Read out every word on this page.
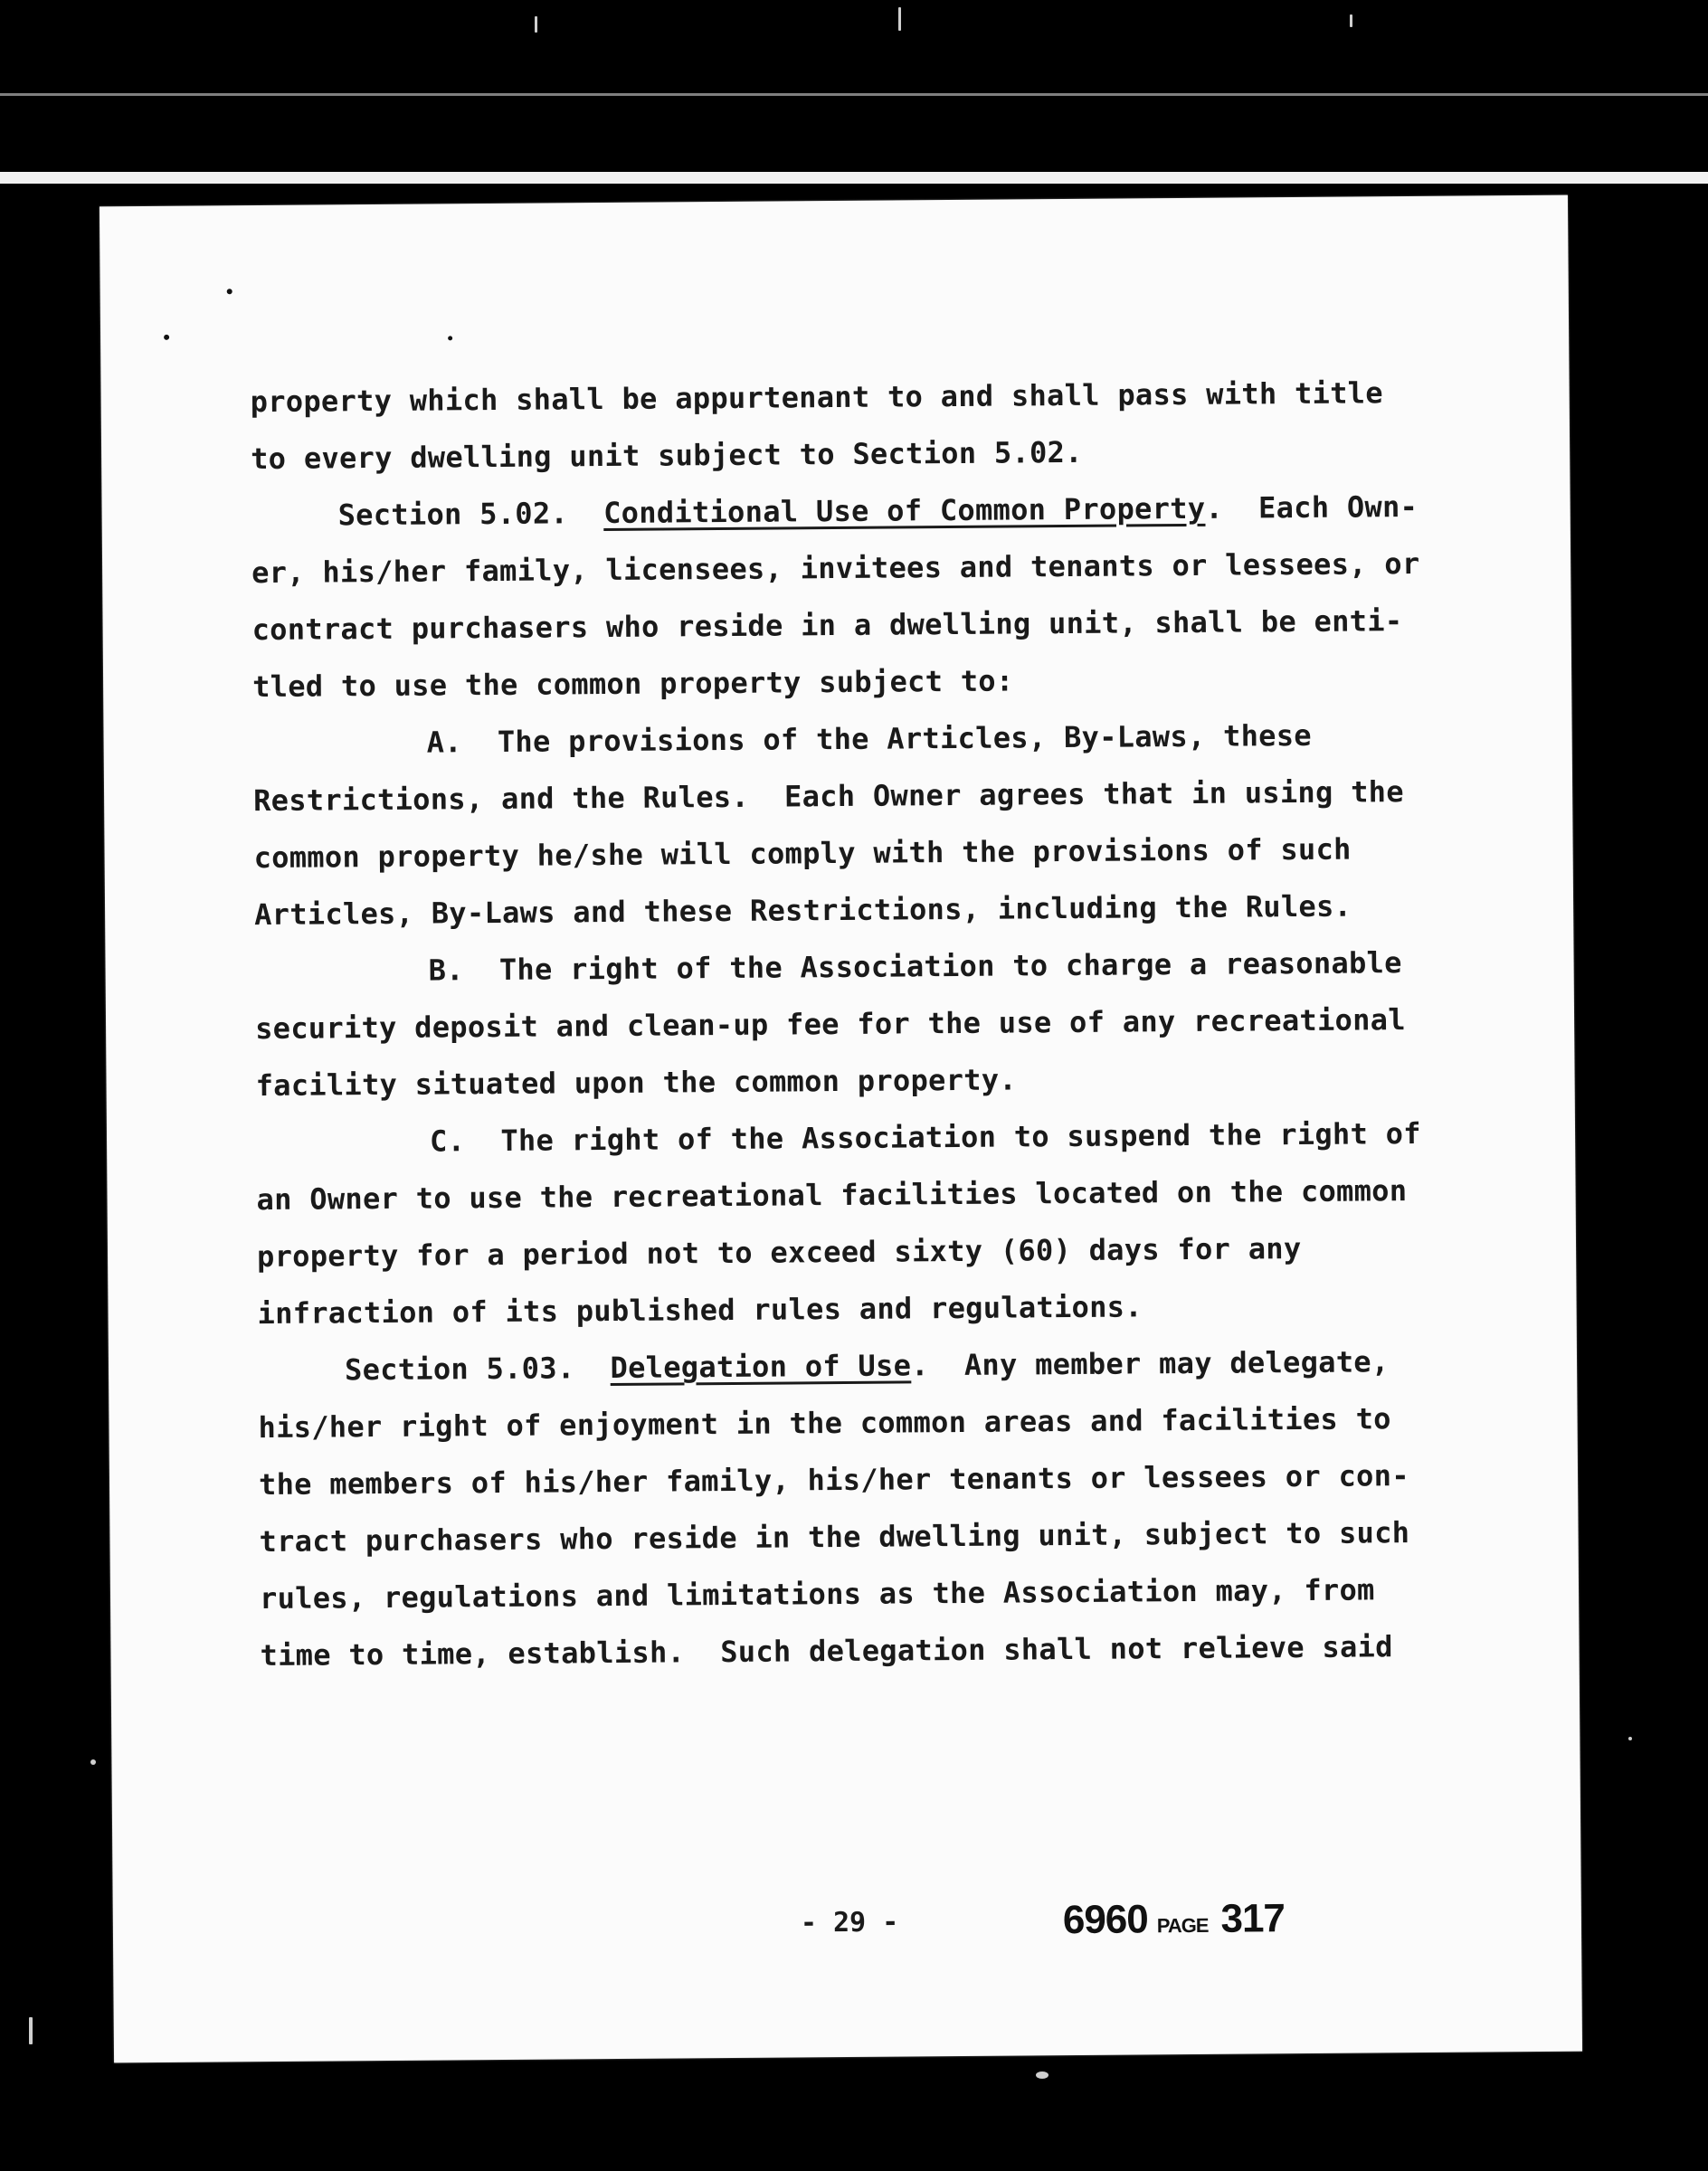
property which shall be appurtenant to and shall pass with title
to every dwelling unit subject to Section 5.02.
Section 5.02. Conditional Use of Common Property.  Each Own-
er, his/her family, licensees, invitees and tenants or lessees, or
contract purchasers who reside in a dwelling unit, shall be enti-
tled to use the common property subject to:
A. The provisions of the Articles, By-Laws, these
Restrictions, and the Rules.  Each Owner agrees that in using the
common property he/she will comply with the provisions of such
Articles, By-Laws and these Restrictions, including the Rules.
B. The right of the Association to charge a reasonable
security deposit and clean-up fee for the use of any recreational
facility situated upon the common property.
C. The right of the Association to suspend the right of
an Owner to use the recreational facilities located on the common
property for a period not to exceed sixty (60) days for any
infraction of its published rules and regulations.
Section 5.03. Delegation of Use.  Any member may delegate,
his/her right of enjoyment in the common areas and facilities to
the members of his/her family, his/her tenants or lessees or con-
tract purchasers who reside in the dwelling unit, subject to such
rules, regulations and limitations as the Association may, from
time to time, establish.  Such delegation shall not relieve said
- 29 -	6960 PAGE 317
